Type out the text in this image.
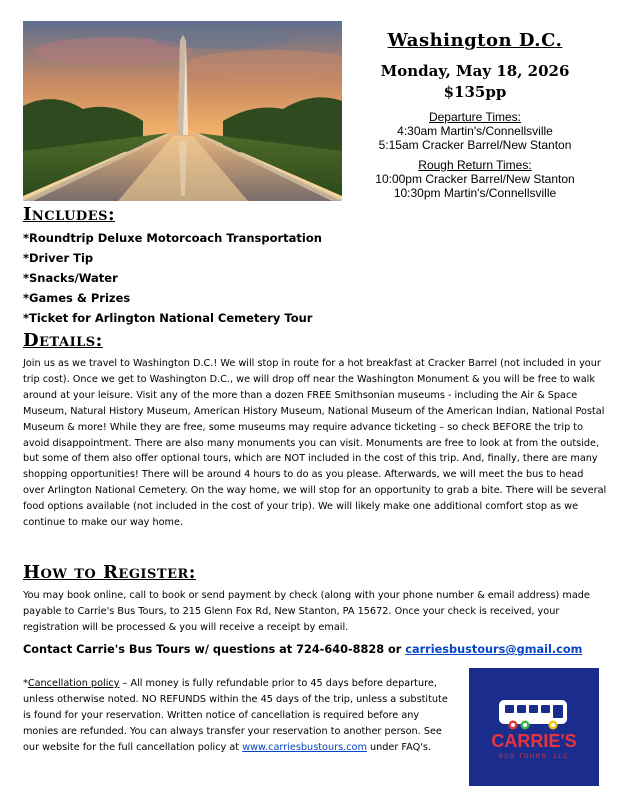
Washington D.C.
Monday, May 18, 2026
$135pp
Departure Times:
4:30am Martin's/Connellsville
5:15am Cracker Barrel/New Stanton
Rough Return Times:
10:00pm Cracker Barrel/New Stanton
10:30pm Martin's/Connellsville
Includes:
*Roundtrip Deluxe Motorcoach Transportation
*Driver Tip
*Snacks/Water
*Games & Prizes
*Ticket for Arlington National Cemetery Tour
Details:
Join us as we travel to Washington D.C.! We will stop in route for a hot breakfast at Cracker Barrel (not included in your trip cost). Once we get to Washington D.C., we will drop off near the Washington Monument & you will be free to walk around at your leisure. Visit any of the more than a dozen FREE Smithsonian museums - including the Air & Space Museum, Natural History Museum, American History Museum, National Museum of the American Indian, National Postal Museum & more! While they are free, some museums may require advance ticketing – so check BEFORE the trip to avoid disappointment. There are also many monuments you can visit. Monuments are free to look at from the outside, but some of them also offer optional tours, which are NOT included in the cost of this trip. And, finally, there are many shopping opportunities! There will be around 4 hours to do as you please. Afterwards, we will meet the bus to head over Arlington National Cemetery. On the way home, we will stop for an opportunity to grab a bite. There will be several food options available (not included in the cost of your trip). We will likely make one additional comfort stop as we continue to make our way home.
How to Register:
You may book online, call to book or send payment by check (along with your phone number & email address) made payable to Carrie's Bus Tours, to 215 Glenn Fox Rd, New Stanton, PA 15672. Once your check is received, your registration will be processed & you will receive a receipt by email.
Contact Carrie's Bus Tours w/ questions at 724-640-8828 or carriesbustours@gmail.com
*Cancellation policy – All money is fully refundable prior to 45 days before departure, unless otherwise noted. NO REFUNDS within the 45 days of the trip, unless a substitute is found for your reservation. Written notice of cancellation is required before any monies are refunded. You can always transfer your reservation to another person. See our website for the full cancellation policy at www.carriesbustours.com under FAQ's.	CARRIE'S
BUS TOURS, LLC
